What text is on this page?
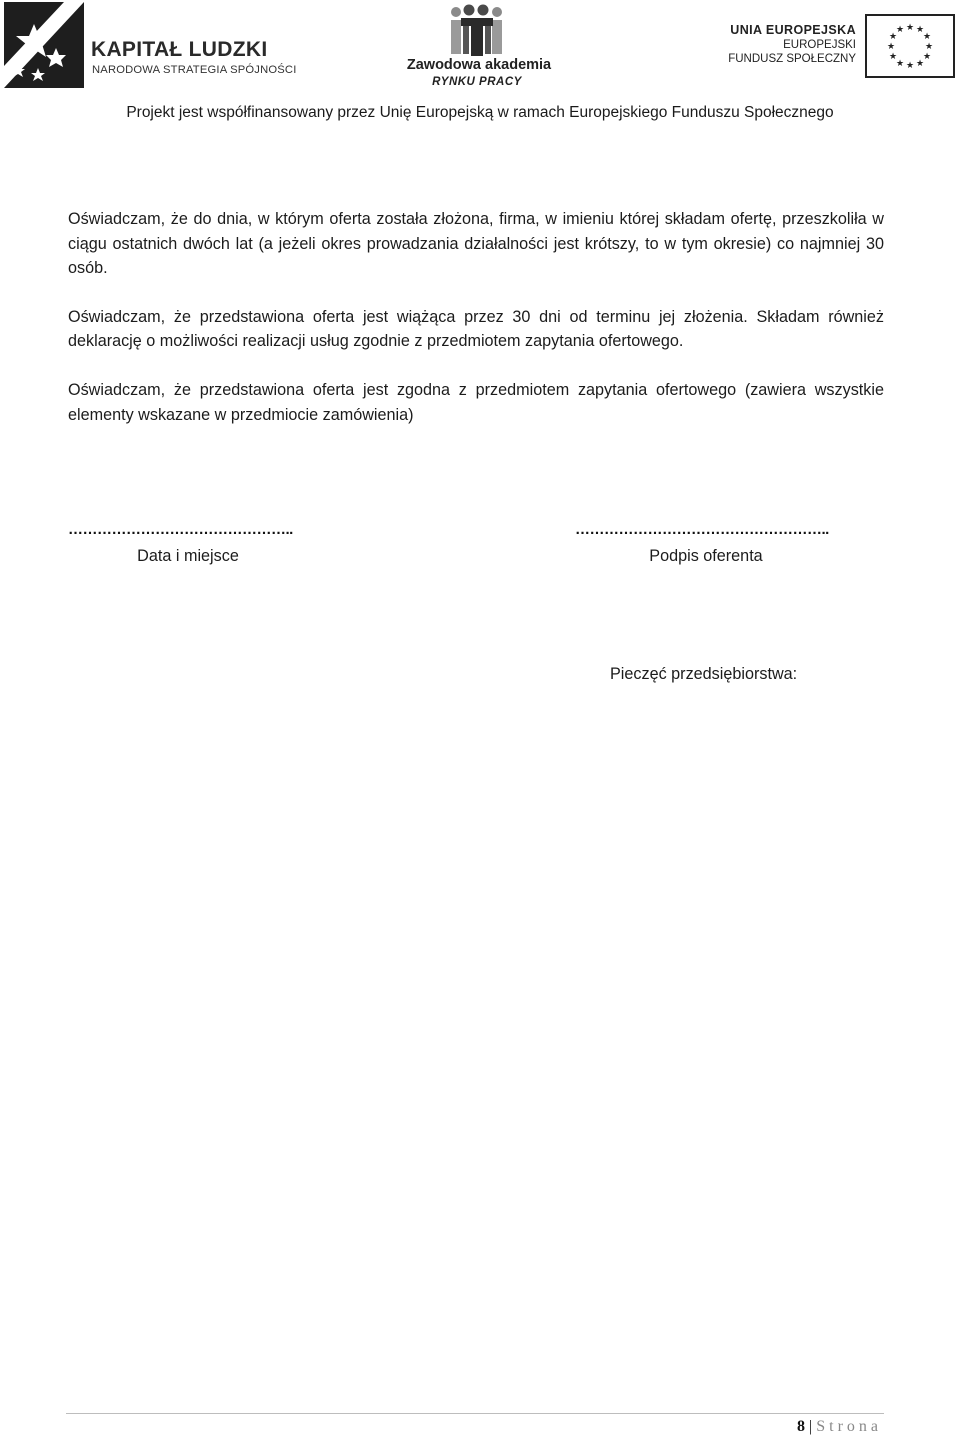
KAPITAŁ LUDZKI
NARODOWA STRATEGIA SPÓJNOŚCI	Zawodowa akademia
RYNKU PRACY
UNIA EUROPEJSKA
EUROPEJSKI
FUNDUSZ SPOŁECZNY
★ ★
★
★
★
★
★
★
★
★
★
★
Projekt jest współfinansowany przez Unię Europejską w ramach Europejskiego Funduszu Społecznego

Oświadczam, że do dnia, w którym oferta została złożona, firma, w imieniu której składam ofertę, przeszkoliła w ciągu ostatnich dwóch lat (a jeżeli okres prowadzania działalności jest krótszy, to w tym okresie) co najmniej 30 osób.

Oświadczam, że przedstawiona oferta jest wiążąca przez 30 dni od terminu jej złożenia. Składam również deklarację o możliwości realizacji usług zgodnie z przedmiotem zapytania ofertowego.

Oświadczam, że przedstawiona oferta jest zgodna z przedmiotem zapytania ofertowego (zawiera wszystkie elementy wskazane w przedmiocie zamówienia)

………………………………………..
Data i miejsce
……………………………………………..
Podpis oferenta
Pieczęć przedsiębiorstwa:
8 | Strona
